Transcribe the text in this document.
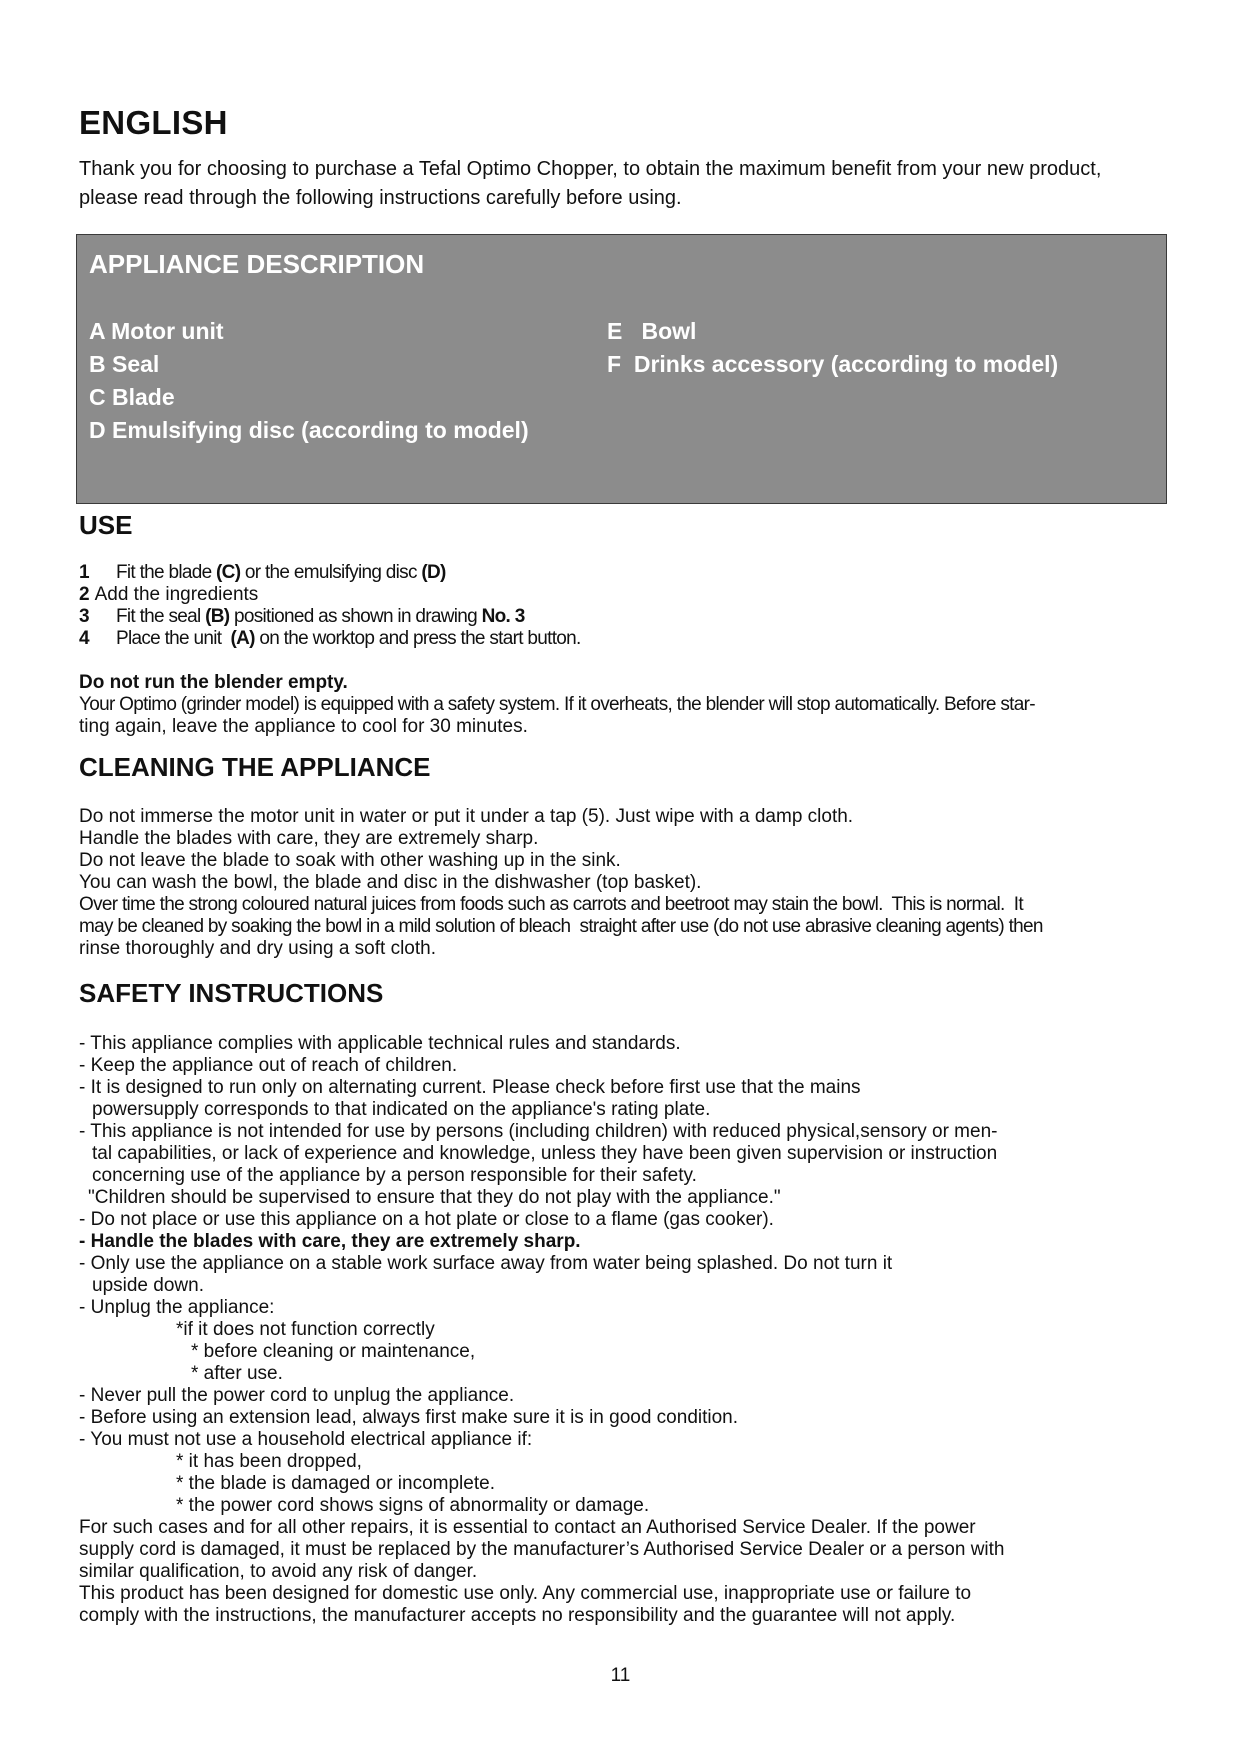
ENGLISH

Thank you for choosing to purchase a Tefal Optimo Chopper, to obtain the maximum benefit from your new product, please read through the following instructions carefully before using.

APPLIANCE DESCRIPTION
A Motor unit
B Seal
C Blade
D Emulsifying disc (according to model)
E   Bowl
F  Drinks accessory (according to model)
USE
1 Fit the blade (C) or the emulsifying disc (D)
2 Add the ingredients
3 Fit the seal (B) positioned as shown in drawing No. 3
4 Place the unit  (A) on the worktop and press the start button.

Do not run the blender empty.

Your Optimo (grinder model) is equipped with a safety system. If it overheats, the blender will stop automatically. Before star-

ting again, leave the appliance to cool for 30 minutes.

CLEANING THE APPLIANCE

Do not immerse the motor unit in water or put it under a tap (5). Just wipe with a damp cloth.

Handle the blades with care, they are extremely sharp.

Do not leave the blade to soak with other washing up in the sink.

You can wash the bowl, the blade and disc in the dishwasher (top basket).

Over time the strong coloured natural juices from foods such as carrots and beetroot may stain the bowl.  This is normal.  It

may be cleaned by soaking the bowl in a mild solution of bleach  straight after use (do not use abrasive cleaning agents) then

rinse thoroughly and dry using a soft cloth.

SAFETY INSTRUCTIONS
- This appliance complies with applicable technical rules and standards.
- Keep the appliance out of reach of children.
- It is designed to run only on alternating current. Please check before first use that the mains
powersupply corresponds to that indicated on the appliance's rating plate.
- This appliance is not intended for use by persons (including children) with reduced physical,sensory or men-
tal capabilities, or lack of experience and knowledge, unless they have been given supervision or instruction
concerning use of the appliance by a person responsible for their safety.
"Children should be supervised to ensure that they do not play with the appliance."
- Do not place or use this appliance on a hot plate or close to a flame (gas cooker).
- Handle the blades with care, they are extremely sharp.
- Only use the appliance on a stable work surface away from water being splashed. Do not turn it
upside down.
- Unplug the appliance:
*if it does not function correctly
* before cleaning or maintenance,
* after use.
- Never pull the power cord to unplug the appliance.
- Before using an extension lead, always first make sure it is in good condition.
- You must not use a household electrical appliance if:
* it has been dropped,
* the blade is damaged or incomplete.
* the power cord shows signs of abnormality or damage.
For such cases and for all other repairs, it is essential to contact an Authorised Service Dealer. If the power
supply cord is damaged, it must be replaced by the manufacturer’s Authorised Service Dealer or a person with
similar qualification, to avoid any risk of danger.
This product has been designed for domestic use only. Any commercial use, inappropriate use or failure to
comply with the instructions, the manufacturer accepts no responsibility and the guarantee will not apply.

11
